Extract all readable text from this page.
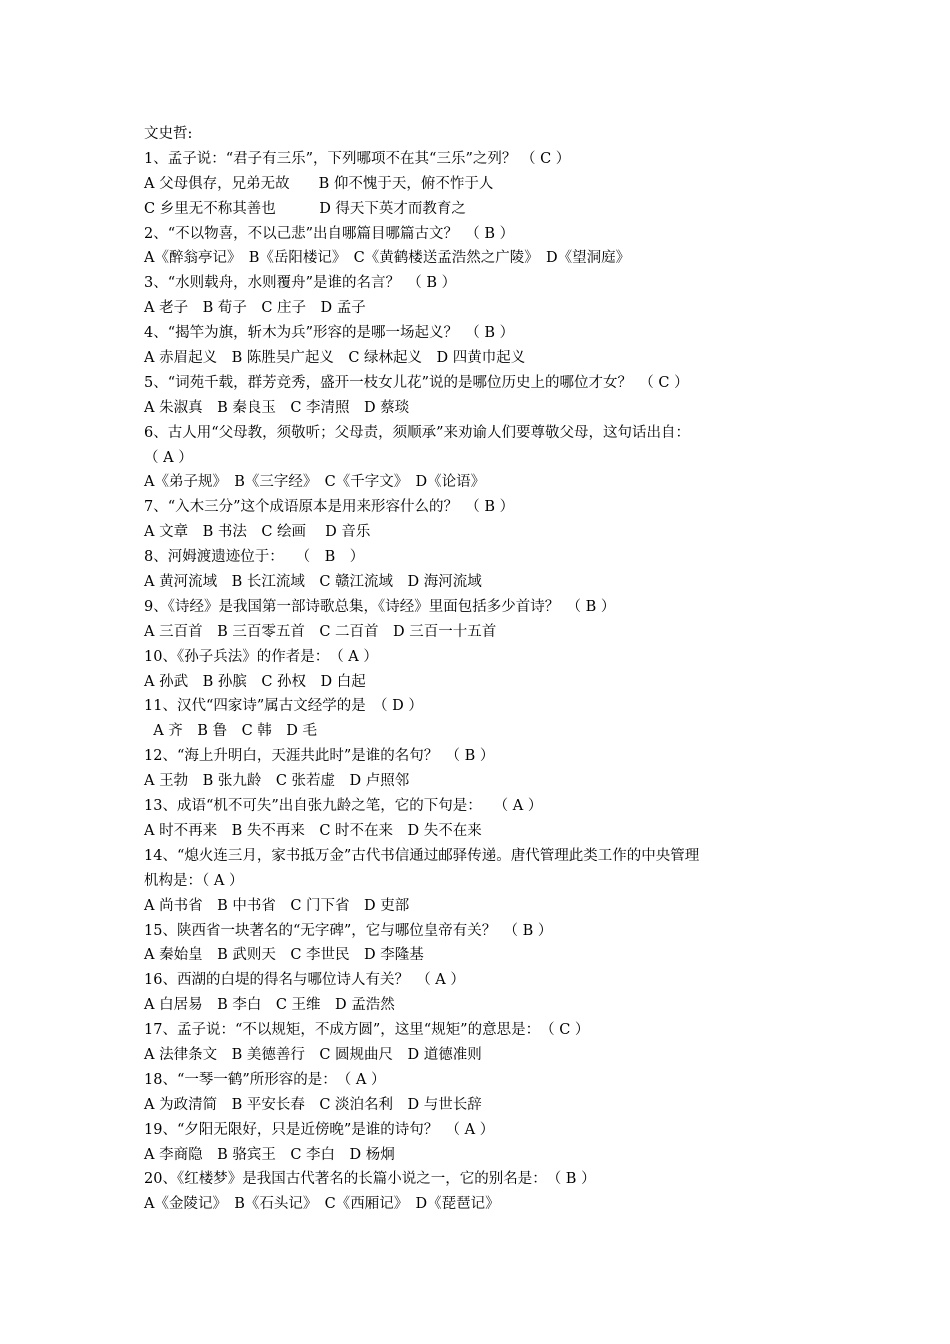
文史哲:
1、孟子说：“君子有三乐”，下列哪项不在其“三乐”之列？ （ C ）
A 父母俱存，兄弟无故　　B 仰不愧于天，俯不怍于人
C 乡里无不称其善也　　　D 得天下英才而教育之
2、“不以物喜，不以己悲”出自哪篇目哪篇古文？　（ B ）
A《醉翁亭记》　B《岳阳楼记》　C《黄鹤楼送孟浩然之广陵》　D《望洞庭》
3、“水则载舟，水则覆舟”是谁的名言？　（ B ）
A 老子　B 荀子　C 庄子　D 孟子
4、“揭竿为旗，斩木为兵”形容的是哪一场起义？　（ B ）
A 赤眉起义　B 陈胜吴广起义　C 绿林起义　D 四黄巾起义
5、“词苑千载，群芳竞秀，盛开一枝女儿花”说的是哪位历史上的哪位才女？　（ C ）
A 朱淑真　B 秦良玉　C 李清照　D 蔡琰
6、古人用“父母教，须敬听；父母责，须顺承”来劝谕人们要尊敬父母，这句话出自：
（ A ）
A《弟子规》　B《三字经》　C《千字文》　D《论语》
7、“入木三分”这个成语原本是用来形容什么的？　（ B ）
A 文章　B 书法　C 绘画　 D 音乐
8、河姆渡遗迹位于：　 （　B　）
A 黄河流域　B 长江流域　C 赣江流域　D 海河流域
9、《诗经》是我国第一部诗歌总集，《诗经》里面包括多少首诗？　（ B ）
A 三百首　B 三百零五首　C 二百首　D 三百一十五首
10、《孙子兵法》的作者是：　（ A ）
A 孙武　B 孙膑　C 孙权　D 白起
11、汉代“四家诗”属古文经学的是　（ D ）
A 齐　B 鲁　C 韩　D 毛
12、“海上升明白，天涯共此时”是谁的名句？　（ B ）
A 王勃　B 张九龄　C 张若虚　D 卢照邻
13、成语“机不可失”出自张九龄之笔，它的下句是：　 （ A ）
A 时不再来　B 失不再来　C 时不在来　D 失不在来
14、“熄火连三月，家书抵万金”古代书信通过邮驿传递。唐代管理此类工作的中央管理
机构是：（ A ）
A 尚书省　B 中书省　C 门下省　D 吏部
15、陕西省一块著名的“无字碑”，它与哪位皇帝有关？　（ B ）
A 秦始皇　B 武则天　C 李世民　D 李隆基
16、西湖的白堤的得名与哪位诗人有关？　（ A ）
A 白居易　B 李白　C 王维　D 孟浩然
17、孟子说：“不以规矩，不成方圆”，这里“规矩”的意思是：　（ C ）
A 法律条文　B 美德善行　C 圆规曲尺　D 道德准则
18、“一琴一鹤”所形容的是：　（ A ）
A 为政清简　B 平安长春　C 淡泊名利　D 与世长辞
19、“夕阳无限好，只是近傍晚”是谁的诗句？　（ A ）
A 李商隐　B 骆宾王　C 李白　D 杨炯
20、《红楼梦》是我国古代著名的长篇小说之一，它的别名是：　（ B ）
A《金陵记》　B《石头记》　C《西厢记》　D《琵琶记》
